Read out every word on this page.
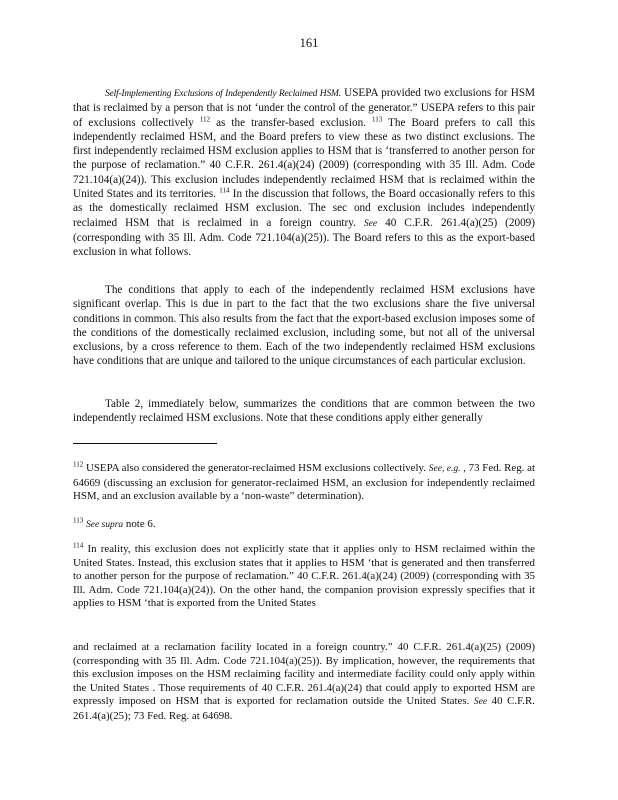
161

Self-Implementing Exclusions of Independently Reclaimed HSM. USEPA provided two exclusions for HSM that is reclaimed by a person that is not ‘under the control of the generator.” USEPA refers to this pair of exclusions collectively $^{112}$ as the transfer-based exclusion. $^{113}$ The Board prefers to call this independently reclaimed HSM, and the Board prefers to view these as two distinct exclusions. The first independently reclaimed HSM exclusion applies to HSM that is ‘transferred to another person for the purpose of reclamation.” 40 C.F.R. 261.4(a)(24) (2009) (corresponding with 35 Ill. Adm. Code 721.104(a)(24)). This exclusion includes independently reclaimed HSM that is reclaimed within the United States and its territories. $^{114}$ In the discussion that follows, the Board occasionally refers to this as the domestically reclaimed HSM exclusion. The sec ond exclusion includes independently reclaimed HSM that is reclaimed in a foreign country. See 40 C.F.R. 261.4(a)(25) (2009) (corresponding with 35 Ill. Adm. Code 721.104(a)(25)). The Board refers to this as the export-based exclusion in what follows.

The conditions that apply to each of the independently reclaimed HSM exclusions have significant overlap. This is due in part to the fact that the two exclusions share the five universal conditions in common. This also results from the fact that the export-based exclusion imposes some of the conditions of the domestically reclaimed exclusion, including some, but not all of the universal exclusions, by a cross reference to them. Each of the two independently reclaimed HSM exclusions have conditions that are unique and tailored to the unique circumstances of each particular exclusion.

Table 2, immediately below, summarizes the conditions that are common between the two independently reclaimed HSM exclusions. Note that these conditions apply either generally

$^{112}$ USEPA also considered the generator-reclaimed HSM exclusions collectively. See, e.g. , 73 Fed. Reg. at 64669 (discussing an exclusion for generator-reclaimed HSM, an exclusion for independently reclaimed HSM, and an exclusion available by a ‘non-waste” determination).

$^{113}$ See supra note 6.

$^{114}$ In reality, this exclusion does not explicitly state that it applies only to HSM reclaimed within the United States. Instead, this exclusion states that it applies to HSM ‘that is generated and then transferred to another person for the purpose of reclamation.” 40 C.F.R. 261.4(a)(24) (2009) (corresponding with 35 Ill. Adm. Code 721.104(a)(24)). On the other hand, the companion provision expressly specifies that it applies to HSM ‘that is exported from the United States

and reclaimed at a reclamation facility located in a foreign country.” 40 C.F.R. 261.4(a)(25) (2009) (corresponding with 35 Ill. Adm. Code 721.104(a)(25)). By implication, however, the requirements that this exclusion imposes on the HSM reclaiming facility and intermediate facility could only apply within the United States . Those requirements of 40 C.F.R. 261.4(a)(24) that could apply to exported HSM are expressly imposed on HSM that is exported for reclamation outside the United States. See 40 C.F.R. 261.4(a)(25); 73 Fed. Reg. at 64698.
